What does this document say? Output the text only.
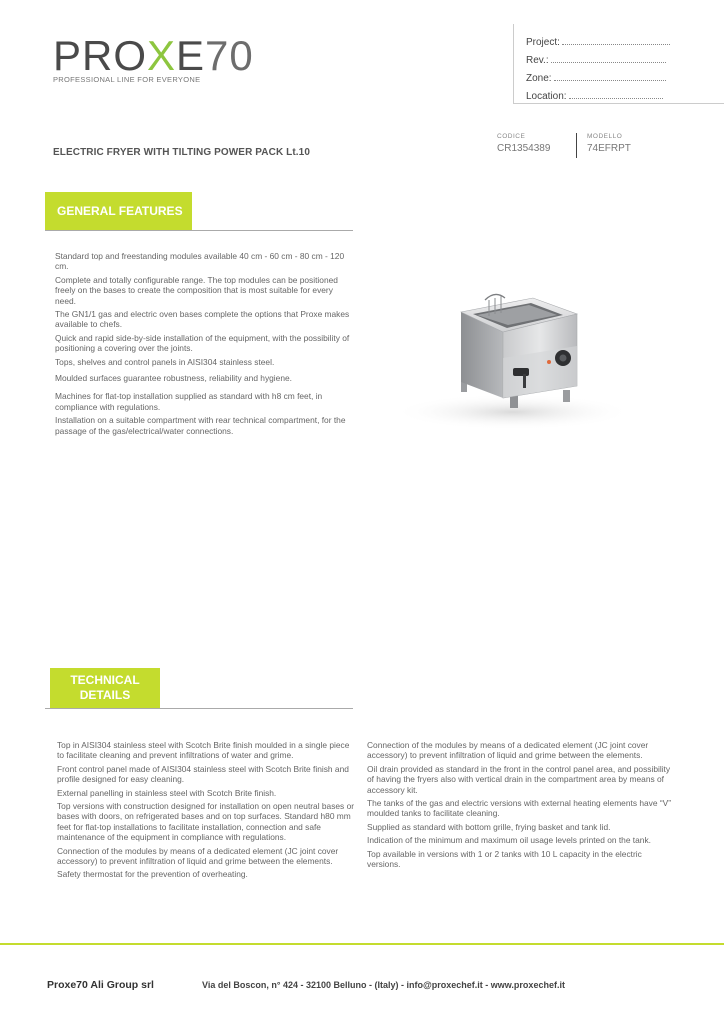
PROXE70
PROFESSIONAL LINE FOR EVERYONE
Project:
Rev.:
Zone:
Location:
ELECTRIC FRYER WITH TILTING POWER PACK Lt.10
CODICE
CR1354389
MODELLO
74EFRPT
GENERAL FEATURES

Standard top and freestanding modules available 40 cm - 60 cm - 80 cm - 120 cm.

Complete and totally configurable range. The top modules can be positioned freely on the bases to create the composition that is most suitable for every need.

The GN1/1 gas and electric oven bases complete the options that Proxe makes available to chefs.

Quick and rapid side-by-side installation of the equipment, with the possibility of positioning a covering over the joints.

Tops, shelves and control panels in AISI304 stainless steel.

Moulded surfaces guarantee robustness, reliability and hygiene.

Machines for flat-top installation supplied as standard with h8 cm feet, in compliance with regulations.

Installation on a suitable compartment with rear technical compartment, for the passage of the gas/electrical/water connections.

TECHNICAL
DETAILS

Top in AISI304 stainless steel with Scotch Brite finish moulded in a single piece to facilitate cleaning and prevent infiltrations of water and grime.

Front control panel made of AISI304 stainless steel with Scotch Brite finish and profile designed for easy cleaning.

External panelling in stainless steel with Scotch Brite finish.

Top versions with construction designed for installation on open neutral bases or bases with doors, on refrigerated bases and on top surfaces. Standard h80 mm feet for flat-top installations to facilitate installation, connection and safe maintenance of the equipment in compliance with regulations.

Connection of the modules by means of a dedicated element (JC joint cover accessory) to prevent infiltration of liquid and grime between the elements.

Safety thermostat for the prevention of overheating.

Connection of the modules by means of a dedicated element (JC joint cover accessory) to prevent infiltration of liquid and grime between the elements.

Oil drain provided as standard in the front in the control panel area, and possibility of having the fryers also with vertical drain in the compartment area by means of accessory kit.

The tanks of the gas and electric versions with external heating elements have “V” moulded tanks to facilitate cleaning.

Supplied as standard with bottom grille, frying basket and tank lid.

Indication of the minimum and maximum oil usage levels printed on the tank.

Top available in versions with 1 or 2 tanks with 10 L capacity in the electric versions.

Proxe70 Ali Group srl	Via del Boscon, n° 424 - 32100 Belluno - (Italy) - info@proxechef.it - www.proxechef.it
